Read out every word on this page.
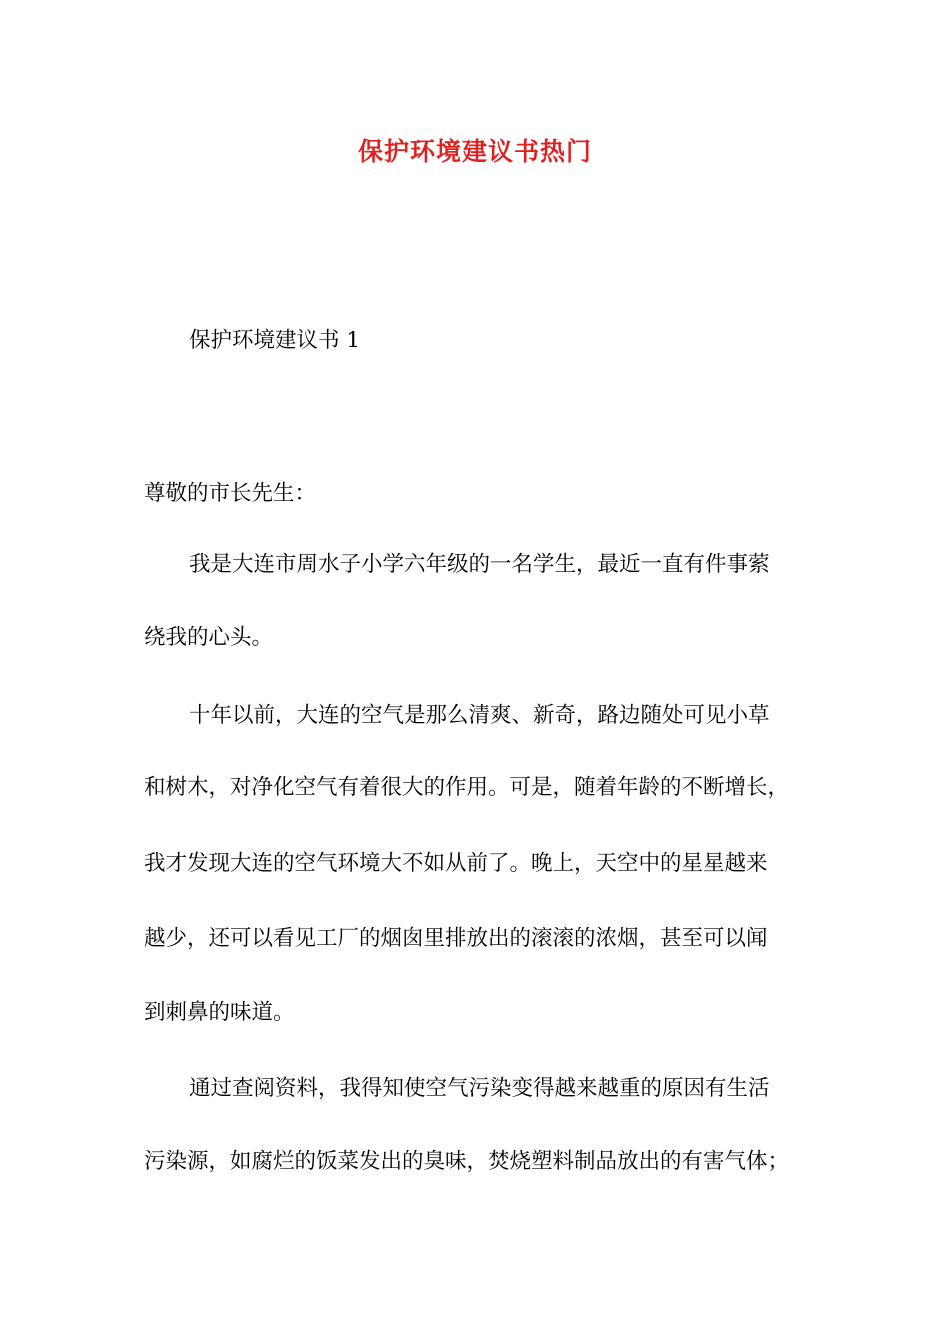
保护环境建议书热门
保护环境建议书 1
尊敬的市长先生：
我是大连市周水子小学六年级的一名学生，最近一直有件事萦
绕我的心头。
十年以前，大连的空气是那么清爽、新奇，路边随处可见小草
和树木，对净化空气有着很大的作用。可是，随着年龄的不断增长，
我才发现大连的空气环境大不如从前了。晚上，天空中的星星越来
越少，还可以看见工厂的烟囱里排放出的滚滚的浓烟，甚至可以闻
到刺鼻的味道。
通过查阅资料，我得知使空气污染变得越来越重的原因有生活
污染源，如腐烂的饭菜发出的臭味，焚烧塑料制品放出的有害气体；
